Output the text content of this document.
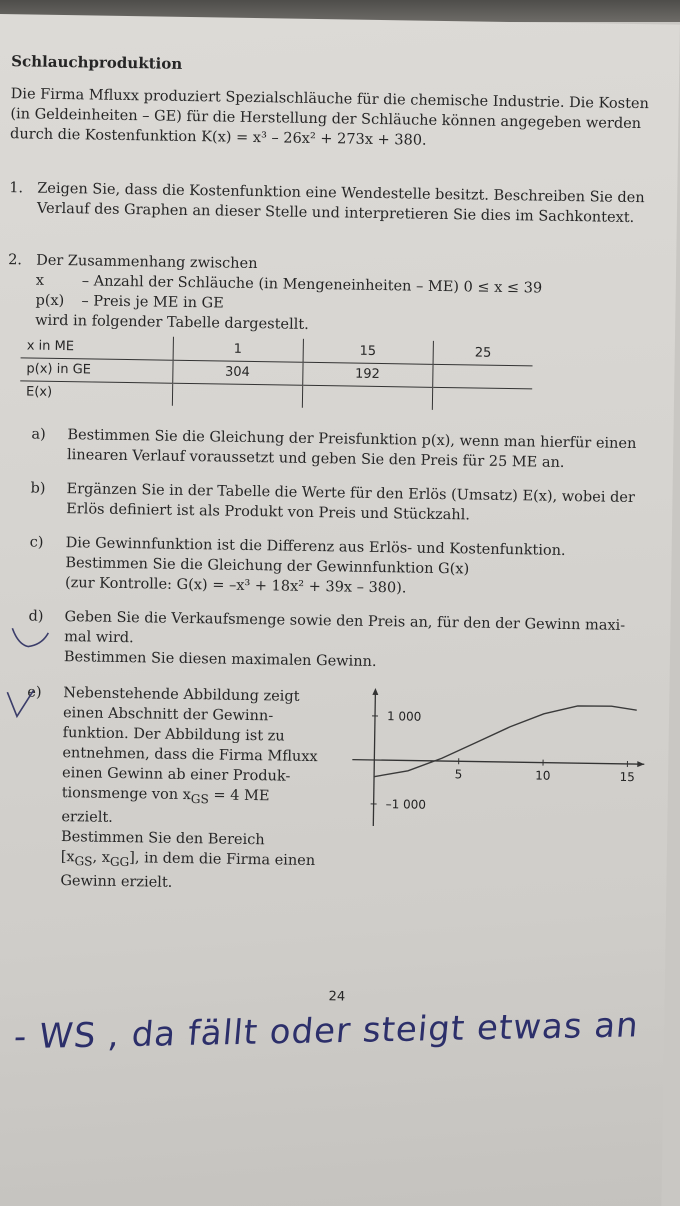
Schlauchproduktion
Die Firma Mfluxx produziert Spezialschläuche für die chemische Industrie. Die Kosten (in Geldeinheiten – GE) für die Herstellung der Schläuche können angegeben werden durch die Kostenfunktion K(x) = x³ – 26x² + 273x + 380.
1. Zeigen Sie, dass die Kostenfunktion eine Wendestelle besitzt. Beschreiben Sie den Verlauf des Graphen an dieser Stelle und interpretieren Sie dies im Sachkontext.
2. Der Zusammenhang zwischen
x	– Anzahl der Schläuche (in Mengeneinheiten – ME) 0 ≤ x ≤ 39
p(x) – Preis je ME in GE
wird in folgender Tabelle dargestellt.
x in ME	1	15	25
p(x) in GE	304	192	
E(x)			
a) Bestimmen Sie die Gleichung der Preisfunktion p(x), wenn man hierfür einen linearen Verlauf voraussetzt und geben Sie den Preis für 25 ME an.
b) Ergänzen Sie in der Tabelle die Werte für den Erlös (Umsatz) E(x), wobei der Erlös definiert ist als Produkt von Preis und Stückzahl.
c) Die Gewinnfunktion ist die Differenz aus Erlös- und Kostenfunktion.
Bestimmen Sie die Gleichung der Gewinnfunktion G(x)
(zur Kontrolle: G(x) = –x³ + 18x² + 39x – 380).
d) Geben Sie die Verkaufsmenge sowie den Preis an, für den der Gewinn maxi- mal wird.
Bestimmen Sie diesen maximalen Gewinn.
e) Nebenstehende Abbildung zeigt einen Abschnitt der Gewinn- funktion. Der Abbildung ist zu entnehmen, dass die Firma Mfluxx einen Gewinn ab einer Produk- tionsmenge von $x_{GS} = 4$ ME
erzielt.
Bestimmen Sie den Bereich
[$x_{GS}$, $x_{GG}$], in dem die Firma einen Gewinn erzielt.
5	10	15
1 000
–1 000
24
- WS , da fällt oder steigt etwas an
